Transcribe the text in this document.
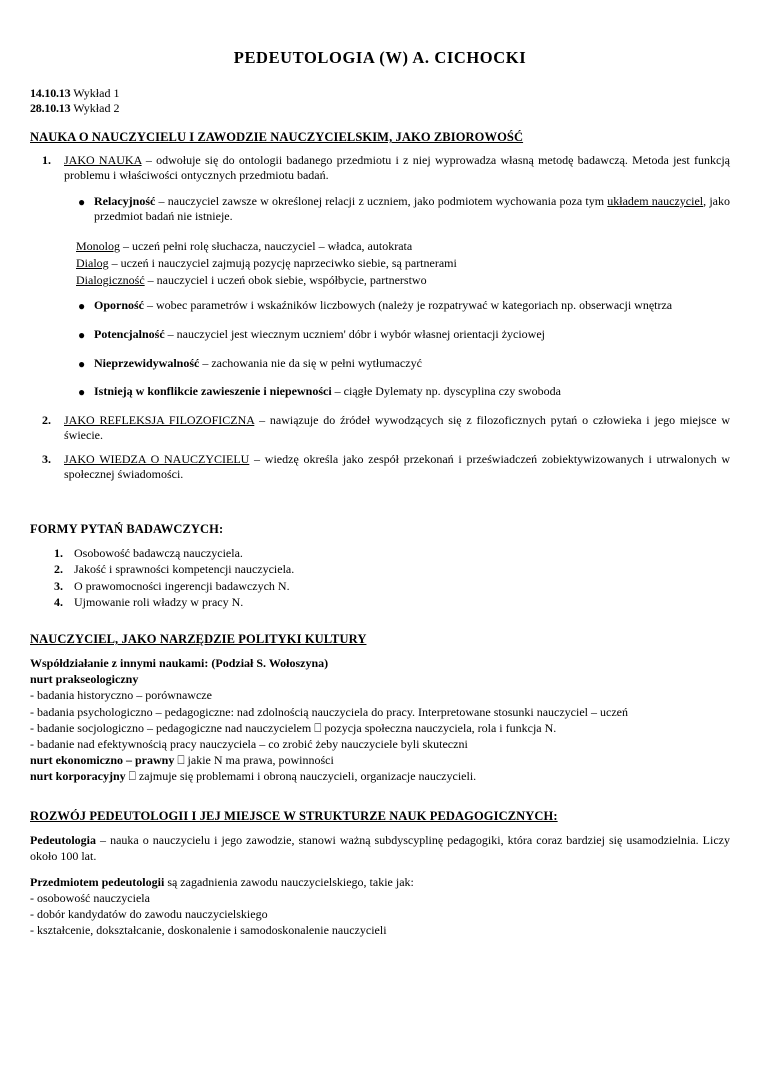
PEDEUTOLOGIA (W) A. CICHOCKI
14.10.13 Wykład 1
28.10.13 Wykład 2
NAUKA O NAUCZYCIELU I ZAWODZIE NAUCZYCIELSKIM, JAKO ZBIOROWOŚĆ
1. JAKO NAUKA – odwołuje się do ontologii badanego przedmiotu i z niej wyprowadza własną metodę badawczą. Metoda jest funkcją problemu i właściwości ontycznych przedmiotu badań.
● Relacyjność – nauczyciel zawsze w określonej relacji z uczniem, jako podmiotem wychowania poza tym układem nauczyciel, jako przedmiot badań nie istnieje.
Monolog – uczeń pełni rolę słuchacza, nauczyciel – władca, autokrata
Dialog – uczeń i nauczyciel zajmują pozycję naprzeciwko siebie, są partnerami
Dialogiczność – nauczyciel i uczeń obok siebie, współbycie, partnerstwo
● Oporność – wobec parametrów i wskaźników liczbowych (należy je rozpatrywać w kategoriach np. obserwacji wnętrza
● Potencjalność – nauczyciel jest wiecznym uczniem' dóbr i wybór własnej orientacji życiowej
● Nieprzewidywalność – zachowania nie da się w pełni wytłumaczyć
● Istnieją w konflikcie zawieszenie i niepewności – ciągłe Dylematy np. dyscyplina czy swoboda
2. JAKO REFLEKSJA FILOZOFICZNA – nawiązuje do źródeł wywodzących się z filozoficznych pytań o człowieka i jego miejsce w świecie.
3. JAKO WIEDZA O NAUCZYCIELU – wiedzę określa jako zespół przekonań i przeświadczeń zobiektywizowanych i utrwalonych w społecznej świadomości.
FORMY PYTAŃ BADAWCZYCH:
1. Osobowość badawczą nauczyciela.
2. Jakość i sprawności kompetencji nauczyciela.
3. O prawomocności ingerencji badawczych N.
4. Ujmowanie roli władzy w pracy N.
NAUCZYCIEL, JAKO NARZĘDZIE POLITYKI KULTURY
Współdziałanie z innymi naukami: (Podział S. Wołoszyna)
nurt prakseologiczny
- badania historyczno – porównawcze
- badania psychologiczno – pedagogiczne: nad zdolnością nauczyciela do pracy. Interpretowane stosunki nauczyciel – uczeń
- badanie socjologiczno – pedagogiczne nad nauczycielem ⎕ pozycja społeczna nauczyciela, rola i funkcja N.
- badanie nad efektywnością pracy nauczyciela – co zrobić żeby nauczyciele byli skuteczni
nurt ekonomiczno – prawny ⎕ jakie N ma prawa, powinności
nurt korporacyjny ⎕ zajmuje się problemami i obroną nauczycieli, organizacje nauczycieli.
ROZWÓJ PEDEUTOLOGII I JEJ MIEJSCE W STRUKTURZE NAUK PEDAGOGICZNYCH:
Pedeutologia – nauka o nauczycielu i jego zawodzie, stanowi ważną subdyscyplinę pedagogiki, która coraz bardziej się usamodzielnia. Liczy około 100 lat.
Przedmiotem pedeutologii są zagadnienia zawodu nauczycielskiego, takie jak:
- osobowość nauczyciela
- dobór kandydatów do zawodu nauczycielskiego
- kształcenie, dokształcanie, doskonalenie i samodoskonalenie nauczycieli
